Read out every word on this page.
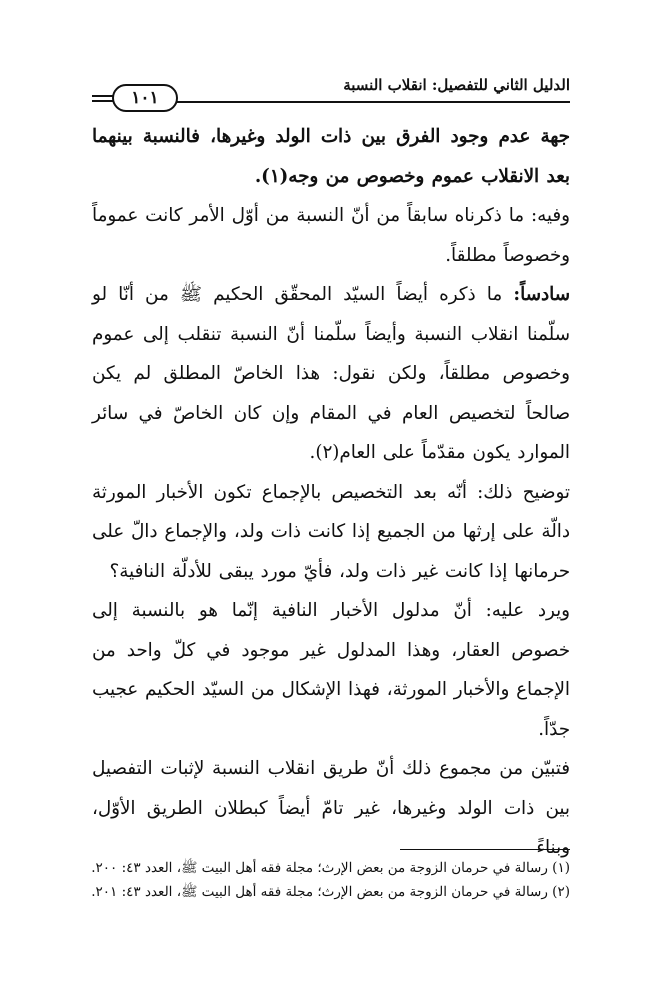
الدليل الثاني للتفصيل: انقلاب النسبة
١٠١

جهة عدم وجود الفرق بين ذات الولد وغيرها، فالنسبة بينهما بعد الانقلاب عموم وخصوص من وجه(١).

وفيه: ما ذكرناه سابقاً من أنّ النسبة من أوّل الأمر كانت عموماً وخصوصاً مطلقاً.

سادساً: ما ذكره أيضاً السيّد المحقّق الحكيم ﷺ من أنّا لو سلّمنا انقلاب النسبة وأيضاً سلّمنا أنّ النسبة تنقلب إلى عموم وخصوص مطلقاً، ولكن نقول: هذا الخاصّ المطلق لم يكن صالحاً لتخصيص العام في المقام وإن كان الخاصّ في سائر الموارد يكون مقدّماً على العام(٢).

توضيح ذلك: أنّه بعد التخصيص بالإجماع تكون الأخبار المورثة دالّة على إرثها من الجميع إذا كانت ذات ولد، والإجماع دالّ على حرمانها إذا كانت غير ذات ولد، فأيّ مورد يبقى للأدلّة النافية؟

ويرد عليه: أنّ مدلول الأخبار النافية إنّما هو بالنسبة إلى خصوص العقار، وهذا المدلول غير موجود في كلّ واحد من الإجماع والأخبار المورثة، فهذا الإشكال من السيّد الحكيم عجيب جدّاً.

فتبيّن من مجموع ذلك أنّ طريق انقلاب النسبة لإثبات التفصيل بين ذات الولد وغيرها، غير تامّ أيضاً كبطلان الطريق الأوّل، وبناءً

(١) رسالة في حرمان الزوجة من بعض الإرث؛ مجلة فقه أهل البيت ﷺ، العدد ٤٣: ٢٠٠.

(٢) رسالة في حرمان الزوجة من بعض الإرث؛ مجلة فقه أهل البيت ﷺ، العدد ٤٣: ٢٠١.
